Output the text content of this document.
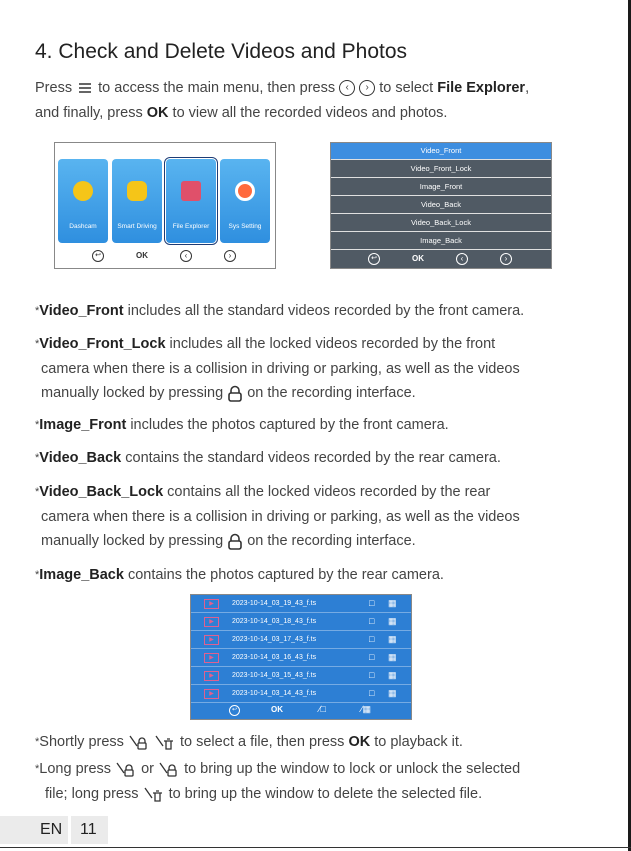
4. Check and Delete Videos and Photos
Press to access the main menu, then press ‹ › to select File Explorer,
and finally, press OK to view all the recorded videos and photos.
Dashcam	Smart Driving	File Explorer	Sys Setting
↩	OK	‹	›
Video_Front
Video_Front_Lock
Image_Front
Video_Back
Video_Back_Lock
Image_Back
↩	OK	‹	›
*Video_Front includes all the standard videos recorded by the front camera.
*Video_Front_Lock includes all the locked videos recorded by the front
camera when there is a collision in driving or parking, as well as the videos
manually locked by pressing on the recording interface.
*Image_Front includes the photos captured by the front camera.
*Video_Back contains the standard videos recorded by the rear camera.
*Video_Back_Lock contains all the locked videos recorded by the rear
camera when there is a collision in driving or parking, as well as the videos
manually locked by pressing on the recording interface.
*Image_Back contains the photos captured by the rear camera.
▶	2023-10-14_03_19_43_f.ts	□ ▦
▶	2023-10-14_03_18_43_f.ts	□ ▦
▶	2023-10-14_03_17_43_f.ts	□ ▦
▶	2023-10-14_03_16_43_f.ts	□ ▦
▶	2023-10-14_03_15_43_f.ts	□ ▦
▶	2023-10-14_03_14_43_f.ts	□ ▦
↩	OK	∕□	∕▦
*Shortly press	to select a file, then press OK to playback it.
*Long press or to bring up the window to lock or unlock the selected
file; long press to bring up the window to delete the selected file.
EN 11
